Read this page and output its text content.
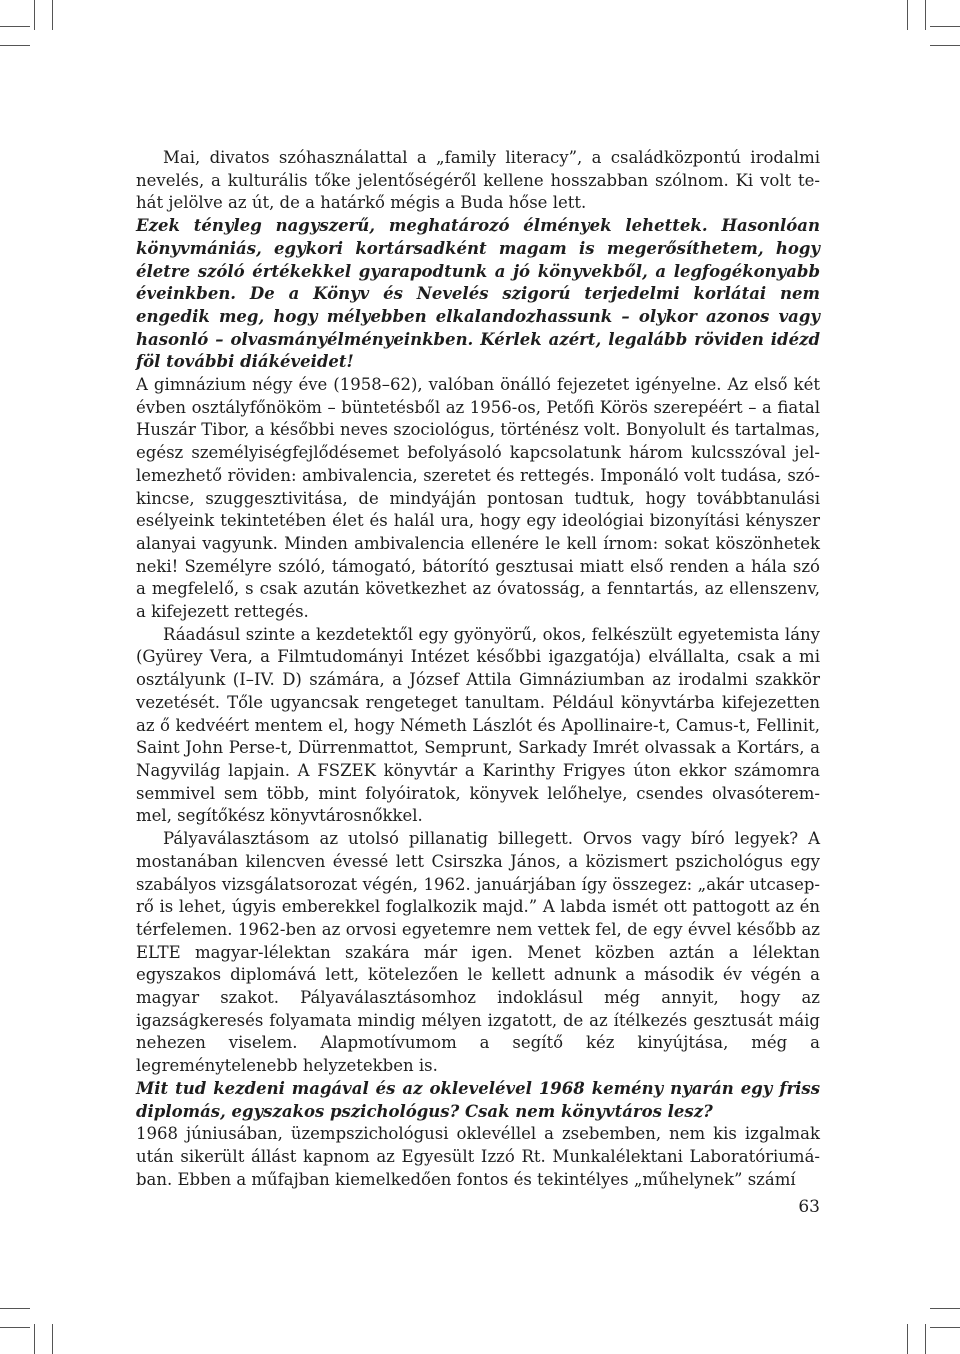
Mai, divatos szóhasználattal a „family literacy”, a családközpontú irodalmi nevelés, a kulturális tőke jelentőségéről kellene hosszabban szólnom. Ki volt tehát jelölve az út, de a határkő mégis a Buda hőse lett.

Ezek tényleg nagyszerű, meghatározó élmények lehettek. Hasonlóan könyvmániás, egykori kortársadként magam is megerősíthetem, hogy életre szóló értékekkel gyarapodtunk a jó könyvekből, a legfogékonyabb éveinkben. De a Könyv és Nevelés szigorú terjedelmi korlátai nem engedik meg, hogy mélyebben elkalandozhassunk – olykor azonos vagy hasonló – olvasmányélményeinkben. Kérlek azért, legalább röviden idézd föl további diákéveidet!

A gimnázium négy éve (1958–62), valóban önálló fejezetet igényelne. Az első két évben osztályfőnököm – büntetésből az 1956-os, Petőfi Körös szerepéért – a fiatal Huszár Tibor, a későbbi neves szociológus, történész volt. Bonyolult és tartalmas, egész személyiségfejlődésemet befolyásoló kapcsolatunk három kulcsszóval jellemezhető röviden: ambivalencia, szeretet és rettegés. Imponáló volt tudása, szókincse, szuggesztivitása, de mindyáján pontosan tudtuk, hogy továbbtanulási esélyeink tekintetében élet és halál ura, hogy egy ideológiai bizonyítási kényszer alanyai vagyunk. Minden ambivalencia ellenére le kell írnom: sokat köszönhetek neki! Személyre szóló, támogató, bátorító gesztusai miatt első renden a hála szó a megfelelő, s csak azután következhet az óvatosság, a fenntartás, az ellenszenv, a kifejezett rettegés.

Ráadásul szinte a kezdetektől egy gyönyörű, okos, felkészült egyetemista lány (Gyürey Vera, a Filmtudományi Intézet későbbi igazgatója) elvállalta, csak a mi osztályunk (I–IV. D) számára, a József Attila Gimnáziumban az irodalmi szakkör vezetését. Tőle ugyancsak rengeteget tanultam. Például könyvtárba kifejezetten az ő kedvéért mentem el, hogy Németh Lászlót és Apollinaire-t, Camus-t, Fellinit, Saint John Perse-t, Dürrenmattot, Semprunt, Sarkady Imrét olvassak a Kortárs, a Nagyvilág lapjain. A FSZEK könyvtár a Karinthy Frigyes úton ekkor számomra semmivel sem több, mint folyóiratok, könyvek lelőhelye, csendes olvasóteremmel, segítőkész könyvtárosnőkkel.

Pályaválasztásom az utolsó pillanatig billegett. Orvos vagy bíró legyek? A mostanában kilencven évessé lett Csirszka János, a közismert pszichológus egy szabályos vizsgálatsorozat végén, 1962. januárjában így összegez: „akár utcaseprő is lehet, úgyis emberekkel foglalkozik majd.” A labda ismét ott pattogott az én térfelemen. 1962-ben az orvosi egyetemre nem vettek fel, de egy évvel később az ELTE magyar-lélektan szakára már igen. Menet közben aztán a lélektan egyszakos diplomává lett, kötelezően le kellett adnunk a második év végén a magyar szakot. Pályaválasztásomhoz indoklásul még annyit, hogy az igazságkeresés folyamata mindig mélyen izgatott, de az ítélkezés gesztusát máig nehezen viselem. Alapmotívumom a segítő kéz kinyújtása, még a legreménytelenebb helyzetekben is.

Mit tud kezdeni magával és az oklevelével 1968 kemény nyarán egy friss diplomás, egyszakos pszichológus? Csak nem könyvtáros lesz?

1968 júniusában, üzempszichológusi oklevéllel a zsebemben, nem kis izgalmak után sikerült állást kapnom az Egyesült Izzó Rt. Munkalélektani Laboratóriumában. Ebben a műfajban kiemelkedően fontos és tekintélyes „műhelynek” számí

63
